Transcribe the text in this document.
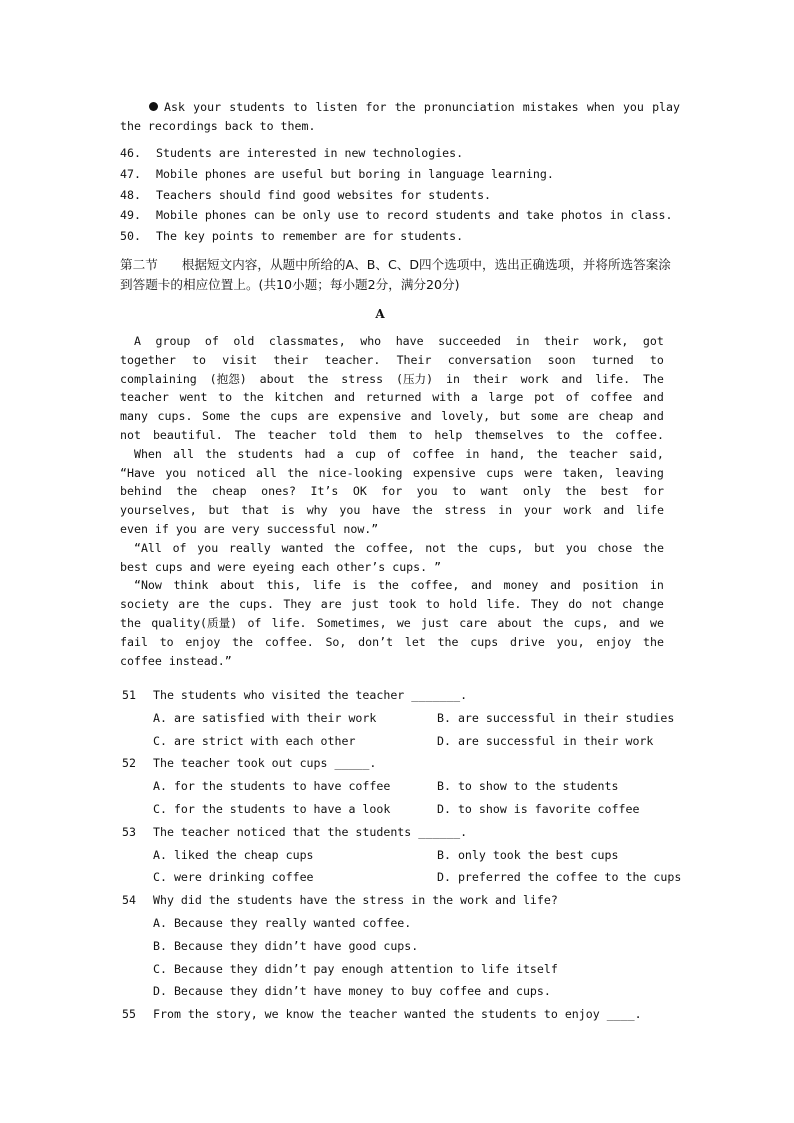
Ask your students to listen for the pronunciation mistakes when you play the recordings back to them.
46. Students are interested in new technologies.
47. Mobile phones are useful but boring in language learning.
48. Teachers should find good websites for students.
49. Mobile phones can be only use to record students and take photos in class.
50. The key points to remember are for students.
第二节 根据短文内容，从题中所给的A、B、C、D四个选项中，选出正确选项，并将所选答案涂到答题卡的相应位置上。(共10小题；每小题2分，满分20分)
A
A group of old classmates, who have succeeded in their work, got
together to visit their teacher. Their conversation soon turned to
complaining (抱怨) about the stress (压力) in their work and life. The
teacher went to the kitchen and returned with a large pot of coffee and
many cups. Some the cups are expensive and lovely, but some are cheap and
not beautiful. The teacher told them to help themselves to the coffee.
When all the students had a cup of coffee in hand, the teacher said,
“Have you noticed all the nice-looking expensive cups were taken, leaving
behind the cheap ones? It’s OK for you to want only the best for
yourselves, but that is why you have the stress in your work and life
even if you are very successful now.”
“All of you really wanted the coffee, not the cups, but you chose the
best cups and were eyeing each other’s cups. ”
“Now think about this, life is the coffee, and money and position in
society are the cups. They are just took to hold life. They do not change
the quality(质量) of life. Sometimes, we just care about the cups, and we
fail to enjoy the coffee. So, don’t let the cups drive you, enjoy the
coffee instead.”
51 The students who visited the teacher _______.
A. are satisfied with their work	B. are successful in their studies
C. are strict with each other	D. are successful in their work
52 The teacher took out cups _____.
A. for the students to have coffee	B. to show to the students
C. for the students to have a look	D. to show is favorite coffee
53 The teacher noticed that the students ______.
A. liked the cheap cups	B. only took the best cups
C. were drinking coffee	D. preferred the coffee to the cups
54 Why did the students have the stress in the work and life?
A. Because they really wanted coffee.
B. Because they didn’t have good cups.
C. Because they didn’t pay enough attention to life itself
D. Because they didn’t have money to buy coffee and cups.
55 From the story, we know the teacher wanted the students to enjoy ____.
